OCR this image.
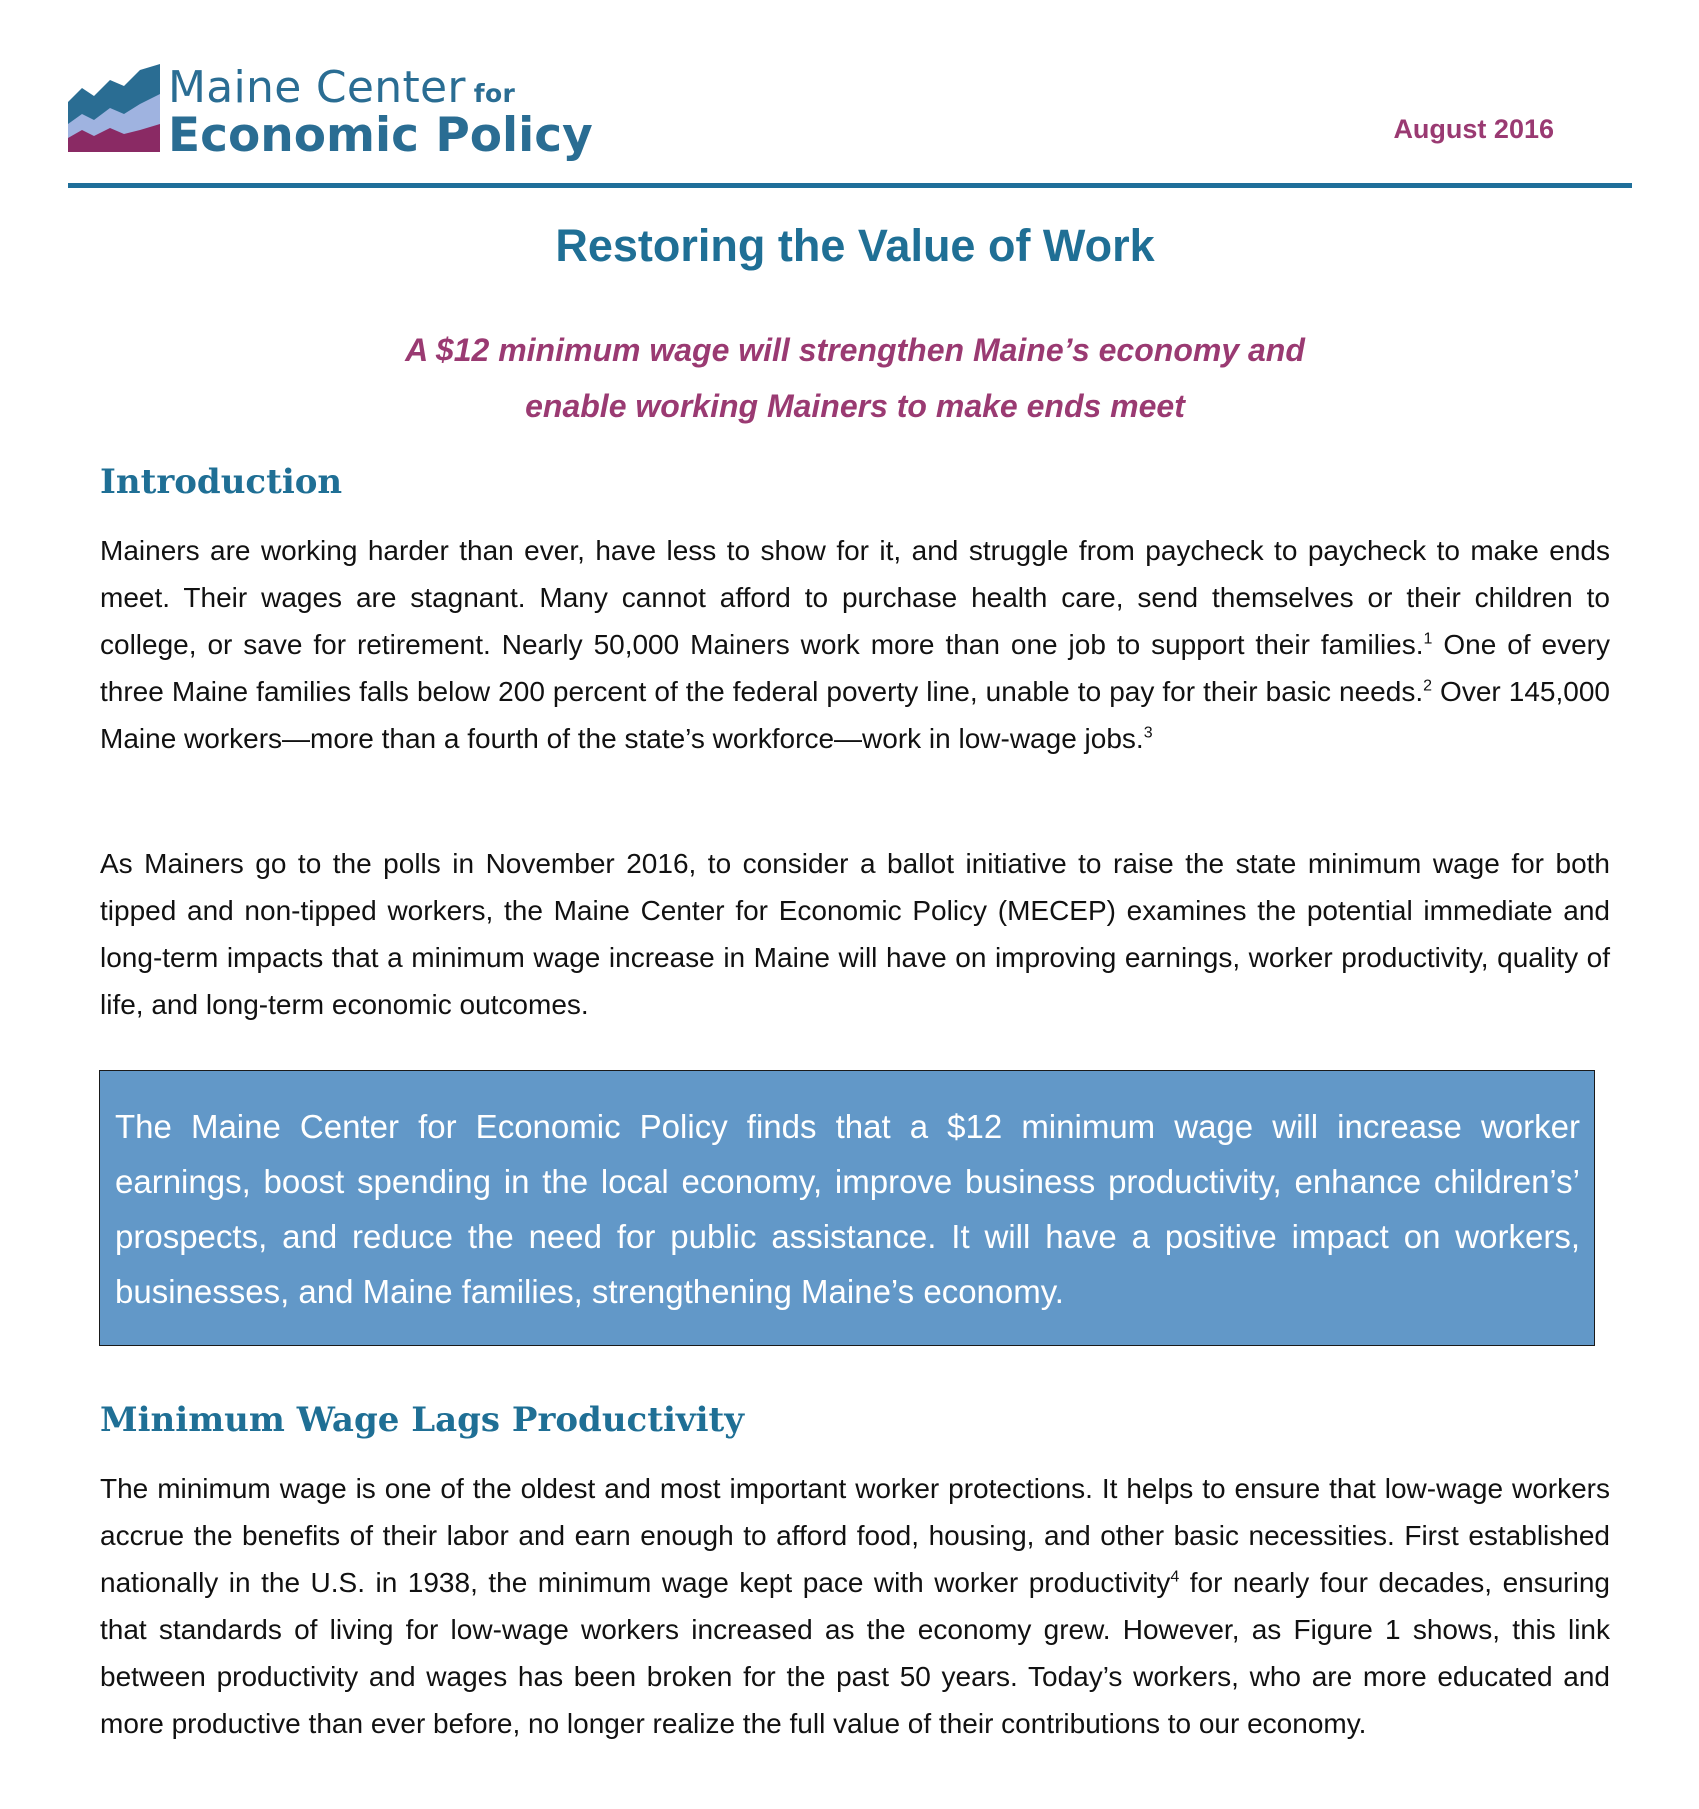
Maine Center for
Economic Policy	August 2016
Restoring the Value of Work
A $12 minimum wage will strengthen Maine’s economy and
enable working Mainers to make ends meet
Introduction
Mainers are working harder than ever, have less to show for it, and struggle from paycheck to paycheck to make ends meet. Their wages are stagnant. Many cannot afford to purchase health care, send themselves or their children to college, or save for retirement. Nearly 50,000 Mainers work more than one job to support their families.$^1$ One of every three Maine families falls below 200 percent of the federal poverty line, unable to pay for their basic needs.$^2$ Over 145,000 Maine workers—more than a fourth of the state’s workforce—work in low-wage jobs.$^3$
As Mainers go to the polls in November 2016, to consider a ballot initiative to raise the state minimum wage for both tipped and non-tipped workers, the Maine Center for Economic Policy (MECEP) examines the potential immediate and long-term impacts that a minimum wage increase in Maine will have on improving earnings, worker productivity, quality of life, and long-term economic outcomes.

The Maine Center for Economic Policy finds that a $12 minimum wage will increase worker earnings, boost spending in the local economy, improve business productivity, enhance children’s’ prospects, and reduce the need for public assistance. It will have a positive impact on workers, businesses, and Maine families, strengthening Maine’s economy.

Minimum Wage Lags Productivity
The minimum wage is one of the oldest and most important worker protections. It helps to ensure that low-wage workers accrue the benefits of their labor and earn enough to afford food, housing, and other basic necessities. First established nationally in the U.S. in 1938, the minimum wage kept pace with worker productivity$^4$ for nearly four decades, ensuring that standards of living for low-wage workers increased as the economy grew. However, as Figure 1 shows, this link between productivity and wages has been broken for the past 50 years. Today’s workers, who are more educated and more productive than ever before, no longer realize the full value of their contributions to our economy.
